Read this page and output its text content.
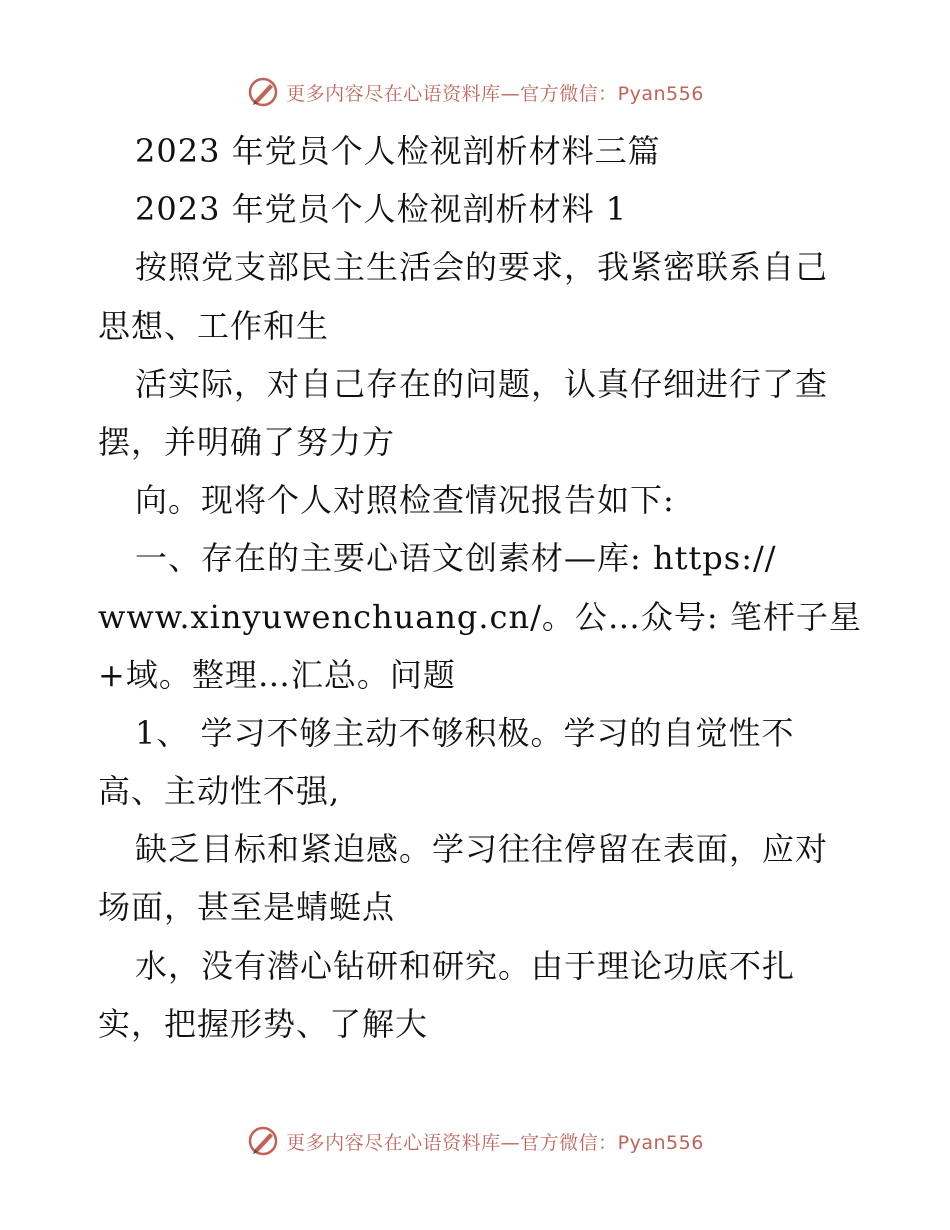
更多内容尽在心语资料库—官方微信：Pyan556
2023 年党员个人检视剖析材料三篇
2023 年党员个人检视剖析材料 1
按照党支部民主生活会的要求，我紧密联系自己
思想、工作和生
活实际，对自己存在的问题，认真仔细进行了查
摆，并明确了努力方
向。现将个人对照检查情况报告如下:
一、存在的主要心语文创素材—库: https://
www.xinyuwenchuang.cn/。公…众号: 笔杆子星
+域。整理…汇总。问题
1、 学习不够主动不够积极。学习的自觉性不
高、主动性不强,
缺乏目标和紧迫感。学习往往停留在表面，应对
场面，甚至是蜻蜓点
水，没有潜心钻研和研究。由于理论功底不扎
实，把握形势、了解大
更多内容尽在心语资料库—官方微信：Pyan556
